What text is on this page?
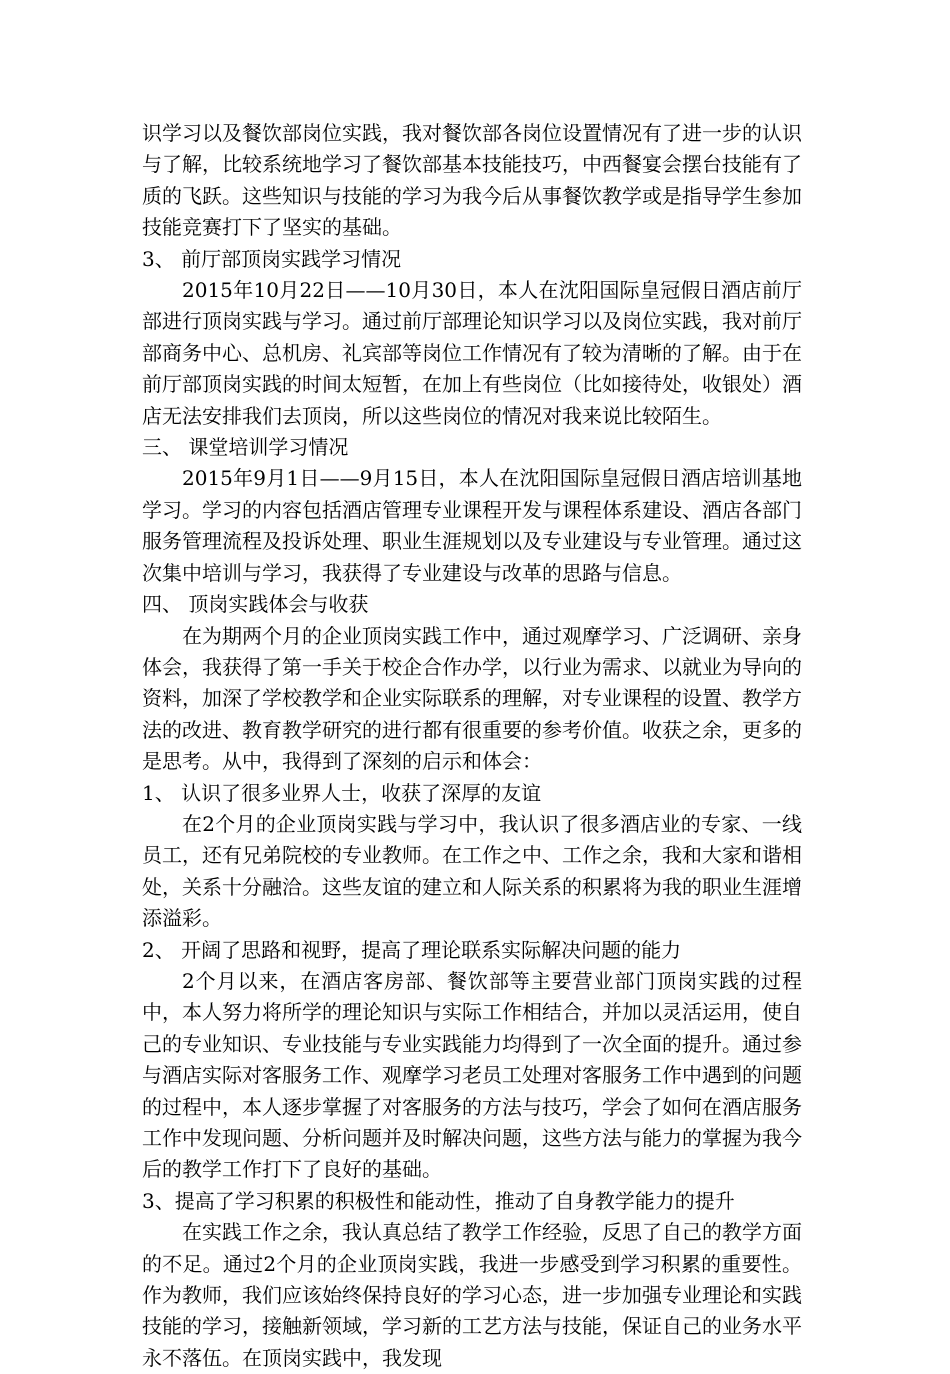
识学习以及餐饮部岗位实践，我对餐饮部各岗位设置情况有了进一步的认识与了解，比较系统地学习了餐饮部基本技能技巧，中西餐宴会摆台技能有了质的飞跃。这些知识与技能的学习为我今后从事餐饮教学或是指导学生参加技能竞赛打下了坚实的基础。

3、 前厅部顶岗实践学习情况

2015年10月22日——10月30日，本人在沈阳国际皇冠假日酒店前厅部进行顶岗实践与学习。通过前厅部理论知识学习以及岗位实践，我对前厅部商务中心、总机房、礼宾部等岗位工作情况有了较为清晰的了解。由于在前厅部顶岗实践的时间太短暂，在加上有些岗位（比如接待处，收银处）酒店无法安排我们去顶岗，所以这些岗位的情况对我来说比较陌生。

三、 课堂培训学习情况

2015年9月1日——9月15日，本人在沈阳国际皇冠假日酒店培训基地学习。学习的内容包括酒店管理专业课程开发与课程体系建设、酒店各部门服务管理流程及投诉处理、职业生涯规划以及专业建设与专业管理。通过这次集中培训与学习，我获得了专业建设与改革的思路与信息。

四、 顶岗实践体会与收获

在为期两个月的企业顶岗实践工作中，通过观摩学习、广泛调研、亲身体会，我获得了第一手关于校企合作办学，以行业为需求、以就业为导向的资料，加深了学校教学和企业实际联系的理解，对专业课程的设置、教学方法的改进、教育教学研究的进行都有很重要的参考价值。收获之余，更多的是思考。从中，我得到了深刻的启示和体会：

1、 认识了很多业界人士，收获了深厚的友谊

在2个月的企业顶岗实践与学习中，我认识了很多酒店业的专家、一线员工，还有兄弟院校的专业教师。在工作之中、工作之余，我和大家和谐相处，关系十分融洽。这些友谊的建立和人际关系的积累将为我的职业生涯增添溢彩。

2、 开阔了思路和视野，提高了理论联系实际解决问题的能力

2个月以来，在酒店客房部、餐饮部等主要营业部门顶岗实践的过程中，本人努力将所学的理论知识与实际工作相结合，并加以灵活运用，使自己的专业知识、专业技能与专业实践能力均得到了一次全面的提升。通过参与酒店实际对客服务工作、观摩学习老员工处理对客服务工作中遇到的问题的过程中，本人逐步掌握了对客服务的方法与技巧，学会了如何在酒店服务工作中发现问题、分析问题并及时解决问题，这些方法与能力的掌握为我今后的教学工作打下了良好的基础。

3、提高了学习积累的积极性和能动性，推动了自身教学能力的提升

在实践工作之余，我认真总结了教学工作经验，反思了自己的教学方面的不足。通过2个月的企业顶岗实践，我进一步感受到学习积累的重要性。作为教师，我们应该始终保持良好的学习心态，进一步加强专业理论和实践技能的学习，接触新领域，学习新的工艺方法与技能，保证自己的业务水平永不落伍。在顶岗实践中，我发现
